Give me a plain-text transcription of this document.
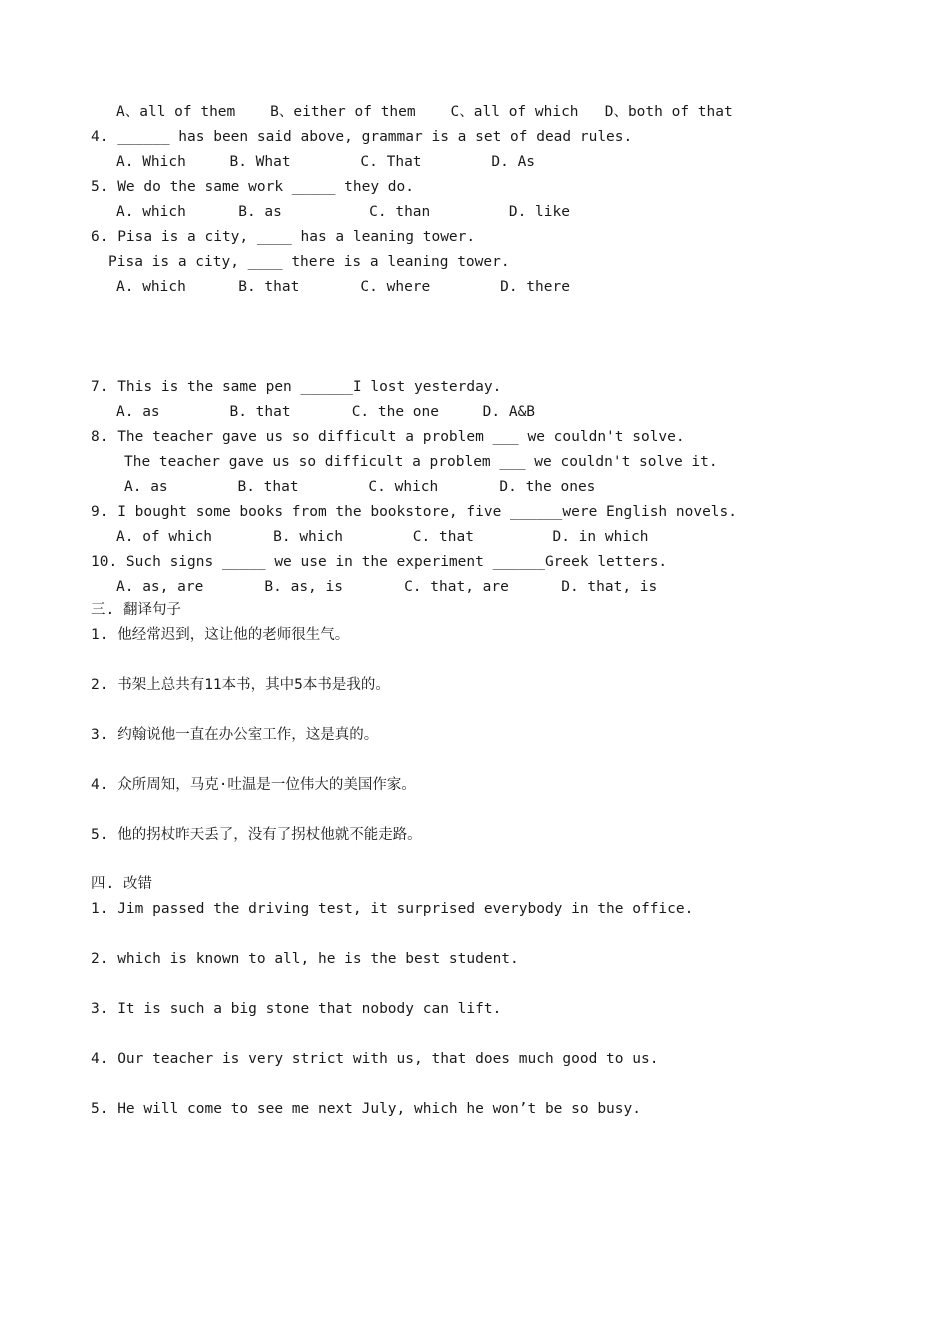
A、all of them    B、either of them    C、all of which   D、both of that
4. ______ has been said above, grammar is a set of dead rules.
A. Which     B. What        C. That        D. As
5. We do the same work _____ they do.
A. which      B. as          C. than         D. like
6. Pisa is a city, ____ has a leaning tower.
Pisa is a city, ____ there is a leaning tower.
A. which      B. that       C. where        D. there
7. This is the same pen ______I lost yesterday.
A. as        B. that       C. the one     D. A&B
8. The teacher gave us so difficult a problem ___ we couldn't solve.
The teacher gave us so difficult a problem ___ we couldn't solve it.
A. as        B. that        C. which       D. the ones
9. I bought some books from the bookstore, five ______were English novels.
A. of which       B. which        C. that         D. in which
10. Such signs _____ we use in the experiment ______Greek letters.
A. as, are       B. as, is       C. that, are      D. that, is
三. 翻译句子
1. 他经常迟到，这让他的老师很生气。
2. 书架上总共有11本书，其中5本书是我的。
3. 约翰说他一直在办公室工作，这是真的。
4. 众所周知，马克·吐温是一位伟大的美国作家。
5. 他的拐杖昨天丢了，没有了拐杖他就不能走路。
四. 改错
1. Jim passed the driving test, it surprised everybody in the office.
2. which is known to all, he is the best student.
3. It is such a big stone that nobody can lift.
4. Our teacher is very strict with us, that does much good to us.
5. He will come to see me next July, which he won’t be so busy.
